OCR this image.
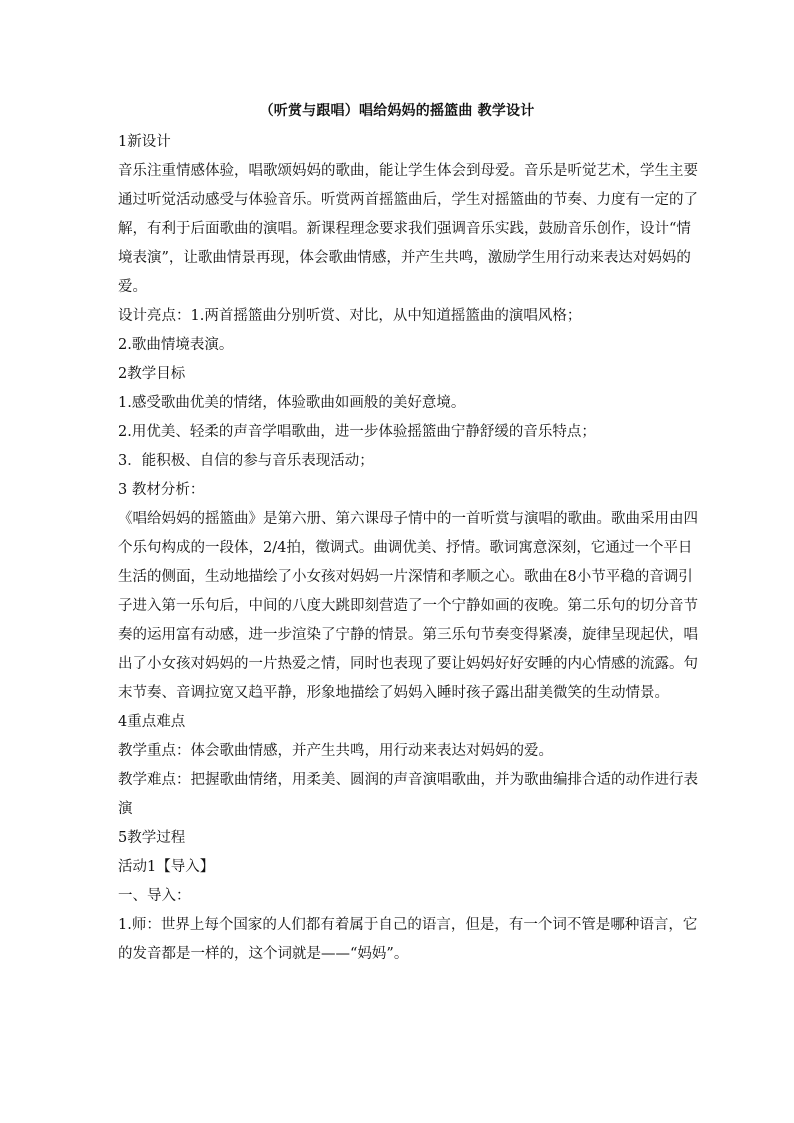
（听赏与跟唱）唱给妈妈的摇篮曲 教学设计

1新设计

音乐注重情感体验，唱歌颂妈妈的歌曲，能让学生体会到母爱。音乐是听觉艺术，学生主要
通过听觉活动感受与体验音乐。听赏两首摇篮曲后，学生对摇篮曲的节奏、力度有一定的了
解，有利于后面歌曲的演唱。新课程理念要求我们强调音乐实践，鼓励音乐创作，设计“情
境表演”，让歌曲情景再现，体会歌曲情感，并产生共鸣，激励学生用行动来表达对妈妈的
爱。

设计亮点：1.两首摇篮曲分别听赏、对比，从中知道摇篮曲的演唱风格；

2.歌曲情境表演。

2教学目标

1.感受歌曲优美的情绪，体验歌曲如画般的美好意境。

2.用优美、轻柔的声音学唱歌曲，进一步体验摇篮曲宁静舒缓的音乐特点；

3．能积极、自信的参与音乐表现活动；

3 教材分析：

《唱给妈妈的摇篮曲》是第六册、第六课母子情中的一首听赏与演唱的歌曲。歌曲采用由四
个乐句构成的一段体，2/4拍，徵调式。曲调优美、抒情。歌词寓意深刻，它通过一个平日
生活的侧面，生动地描绘了小女孩对妈妈一片深情和孝顺之心。歌曲在8小节平稳的音调引
子进入第一乐句后，中间的八度大跳即刻营造了一个宁静如画的夜晚。第二乐句的切分音节
奏的运用富有动感，进一步渲染了宁静的情景。第三乐句节奏变得紧凑，旋律呈现起伏，唱
出了小女孩对妈妈的一片热爱之情，同时也表现了要让妈妈好好安睡的内心情感的流露。句
末节奏、音调拉宽又趋平静，形象地描绘了妈妈入睡时孩子露出甜美微笑的生动情景。

4重点难点

教学重点：体会歌曲情感，并产生共鸣，用行动来表达对妈妈的爱。

教学难点：把握歌曲情绪，用柔美、圆润的声音演唱歌曲，并为歌曲编排合适的动作进行表
演

5教学过程

活动1【导入】

一、导入：

1.师：世界上每个国家的人们都有着属于自己的语言，但是，有一个词不管是哪种语言，它
的发音都是一样的，这个词就是——“妈妈”。
